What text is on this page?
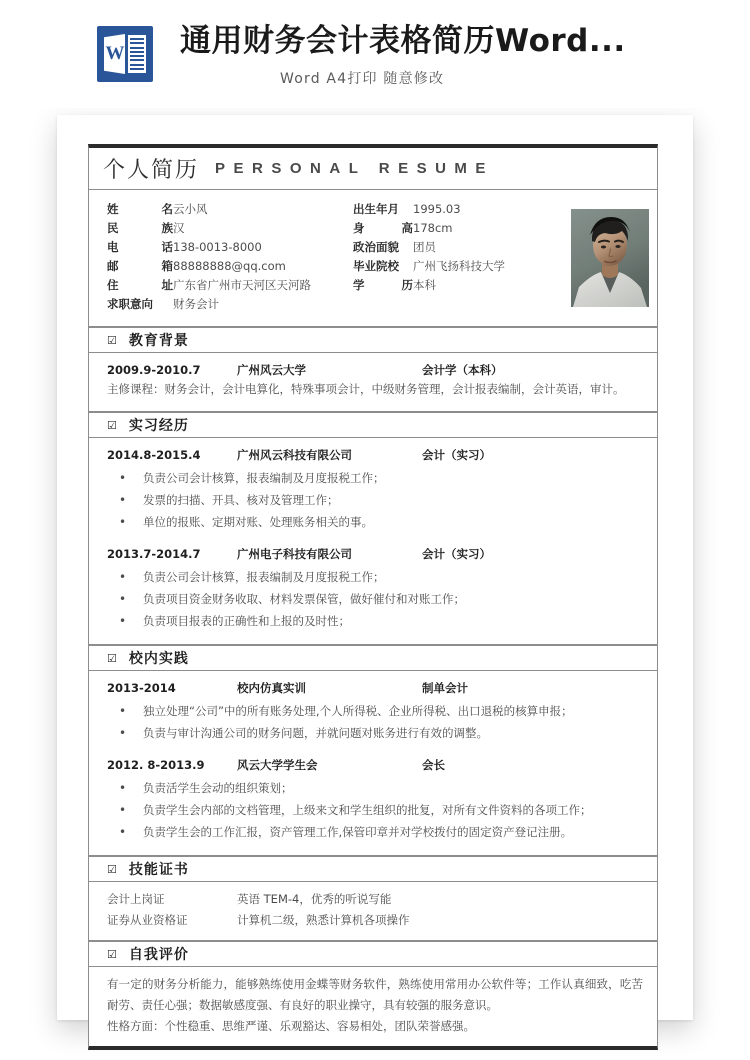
W 通用财务会计表格简历Word...
Word A4打印 随意修改
个人简历 PERSONAL RESUME
姓	名 云小风	出生年月	1995.03
民	族 汉	身	高 178cm
电	话 138-0013-8000	政治面貌	团员
邮	箱 88888888@qq.com	毕业院校	广州飞扬科技大学
住	址 广东省广州市天河区天河路	学	历 本科
求职意向	财务会计
☑ 教育背景
2009.9-2010.7	广州风云大学	会计学（本科）
主修课程：财务会计，会计电算化，特殊事项会计，中级财务管理，会计报表编制，会计英语，审计。
☑ 实习经历
2014.8-2015.4	广州风云科技有限公司	会计（实习）
• 负责公司会计核算，报表编制及月度报税工作；
• 发票的扫描、开具、核对及管理工作；
• 单位的报账、定期对账、处理账务相关的事。
2013.7-2014.7	广州电子科技有限公司	会计（实习）
• 负责公司会计核算，报表编制及月度报税工作；
• 负责项目资金财务收取、材料发票保管，做好催付和对账工作；
• 负责项目报表的正确性和上报的及时性；
☑ 校内实践
2013-2014	校内仿真实训	制单会计
• 独立处理“公司”中的所有账务处理,个人所得税、企业所得税、出口退税的核算申报；
• 负责与审计沟通公司的财务问题，并就问题对账务进行有效的调整。
2012. 8-2013.9	风云大学学生会	会长
• 负责活学生会动的组织策划；
• 负责学生会内部的文档管理，上级来文和学生组织的批复，对所有文件资料的各项工作；
• 负责学生会的工作汇报，资产管理工作,保管印章并对学校拨付的固定资产登记注册。
☑ 技能证书
会计上岗证	英语 TEM-4，优秀的听说写能
证券从业资格证	计算机二级，熟悉计算机各项操作
☑ 自我评价

有一定的财务分析能力，能够熟练使用金蝶等财务软件，熟练使用常用办公软件等；工作认真细致，吃苦耐劳、责任心强；数据敏感度强、有良好的职业操守，具有较强的服务意识。

性格方面：个性稳重、思维严谨、乐观豁达、容易相处，团队荣誉感强。
